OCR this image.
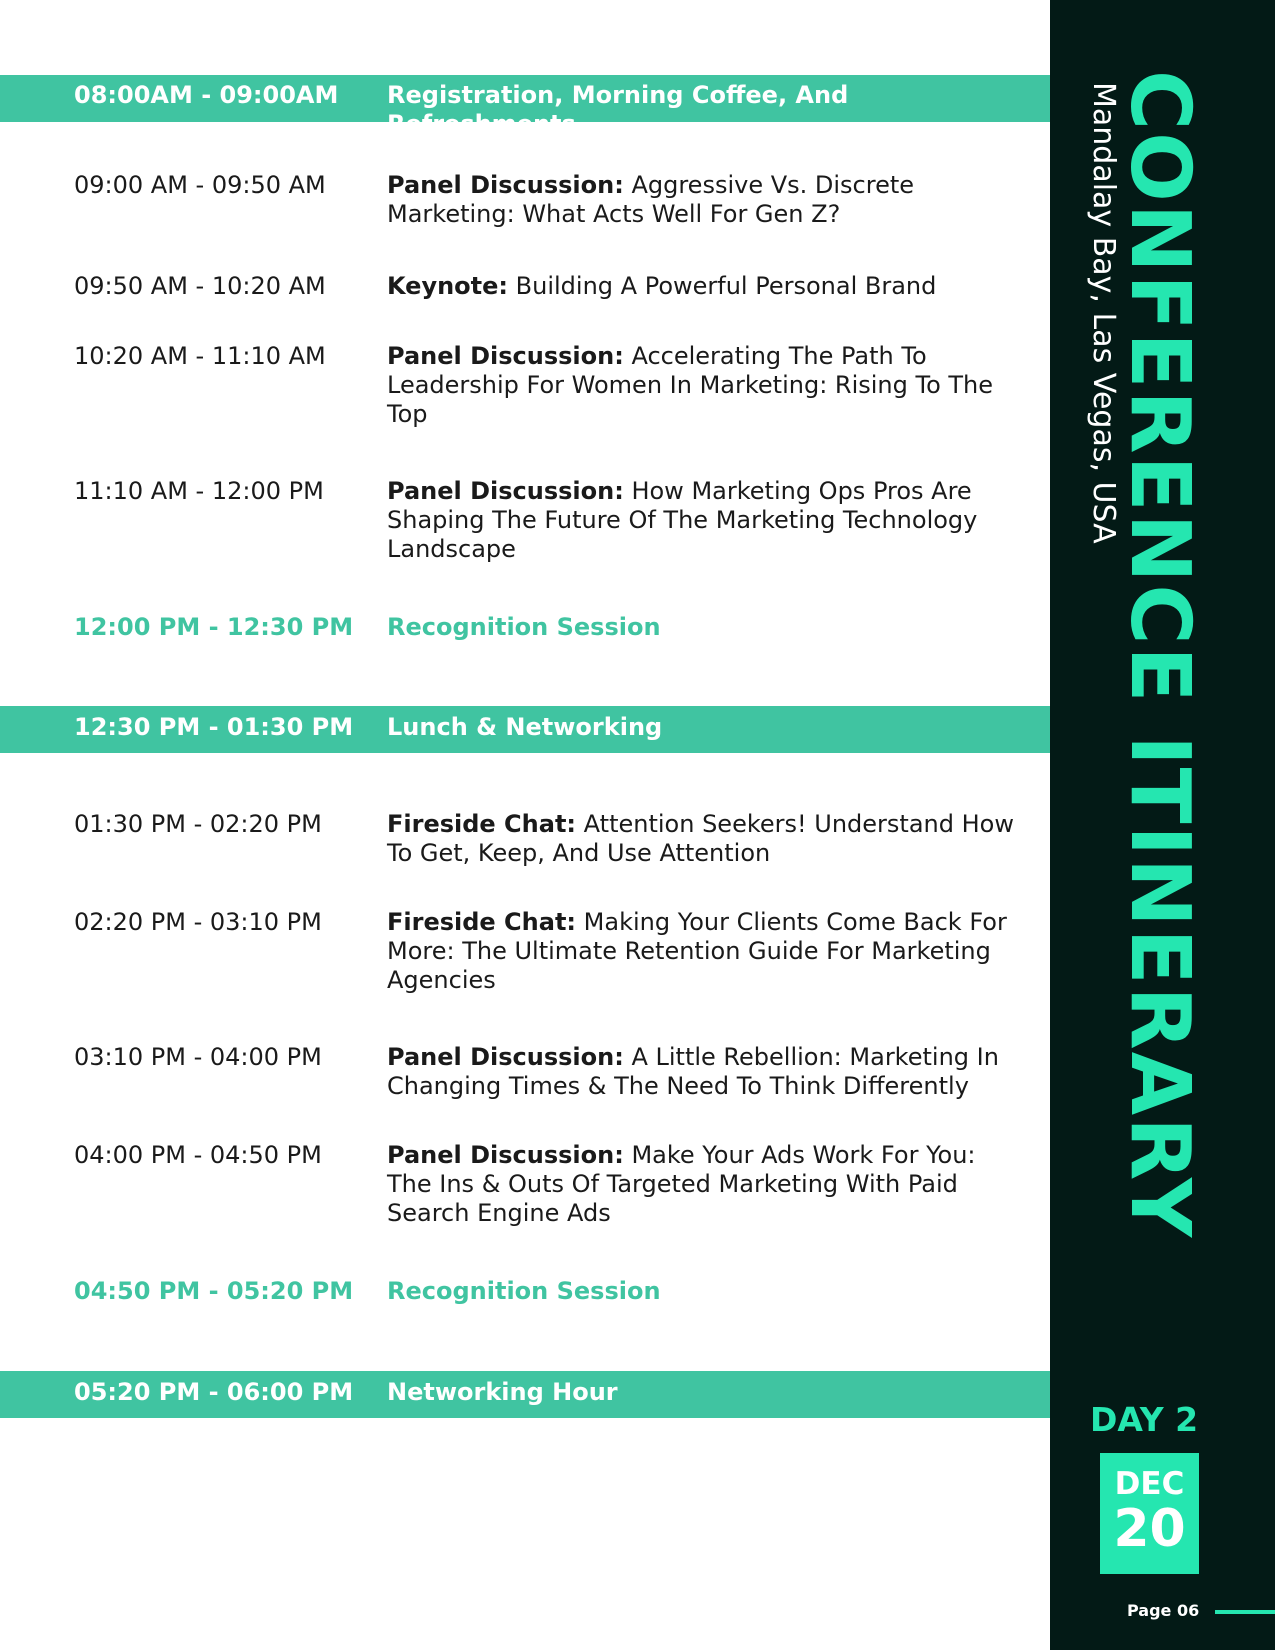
CONFERENCE ITINERARY
Mandalay Bay, Las Vegas, USA
DAY 2
DEC
20
Page 06
08:00AM - 09:00AM	Registration, Morning Coffee, And Refreshments
09:00 AM - 09:50 AM	Panel Discussion: Aggressive Vs. Discrete Marketing: What Acts Well For Gen Z?
09:50 AM - 10:20 AM	Keynote: Building A Powerful Personal Brand
10:20 AM - 11:10 AM	Panel Discussion: Accelerating The Path To Leadership For Women In Marketing: Rising To The Top
11:10 AM - 12:00 PM	Panel Discussion: How Marketing Ops Pros Are Shaping The Future Of The Marketing Technology Landscape
12:00 PM - 12:30 PM	Recognition Session
12:30 PM - 01:30 PM	Lunch & Networking
01:30 PM - 02:20 PM	Fireside Chat: Attention Seekers! Understand How To Get, Keep, And Use Attention
02:20 PM - 03:10 PM	Fireside Chat: Making Your Clients Come Back For More: The Ultimate Retention Guide For Marketing Agencies
03:10 PM - 04:00 PM	Panel Discussion: A Little Rebellion: Marketing In Changing Times & The Need To Think Differently
04:00 PM - 04:50 PM	Panel Discussion: Make Your Ads Work For You: The Ins & Outs Of Targeted Marketing With Paid Search Engine Ads
04:50 PM - 05:20 PM	Recognition Session
05:20 PM - 06:00 PM	Networking Hour
